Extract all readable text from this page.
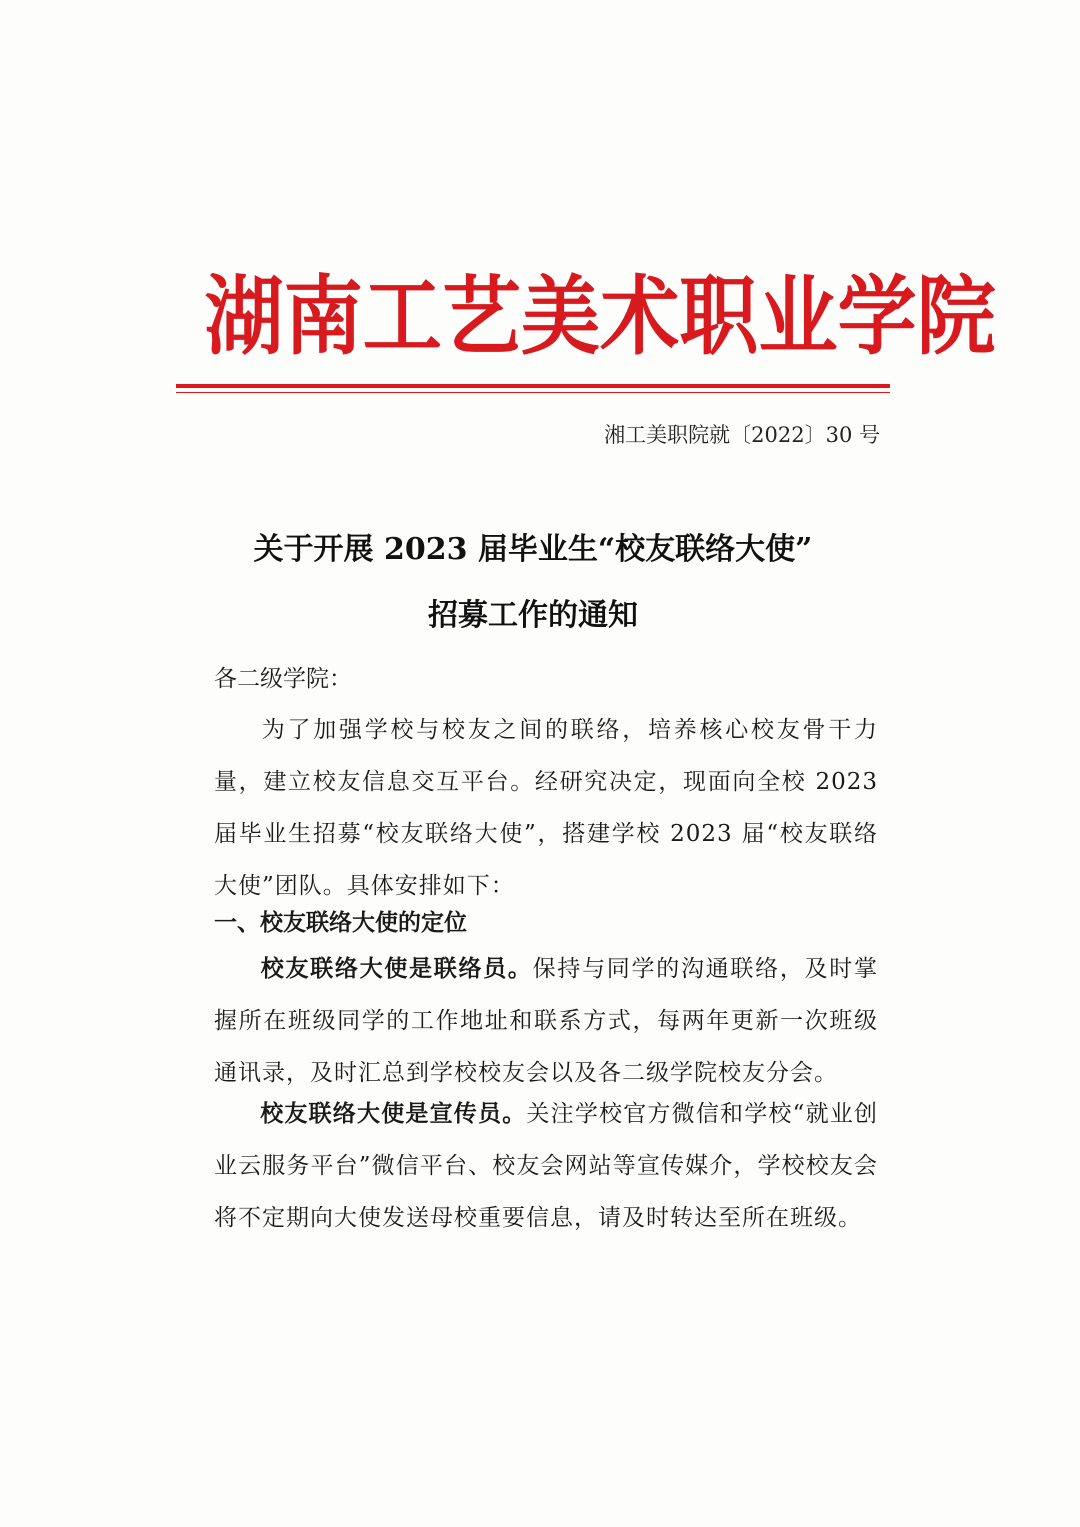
湖南工艺美术职业学院
湘工美职院就〔2022〕30 号
关于开展 2023 届毕业生“校友联络大使”
招募工作的通知
各二级学院：
为了加强学校与校友之间的联络，培养核心校友骨干力量，建立校友信息交互平台。经研究决定，现面向全校 2023 届毕业生招募“校友联络大使”，搭建学校 2023 届“校友联络大使”团队。具体安排如下：
一、校友联络大使的定位
校友联络大使是联络员。保持与同学的沟通联络，及时掌握所在班级同学的工作地址和联系方式，每两年更新一次班级通讯录，及时汇总到学校校友会以及各二级学院校友分会。
校友联络大使是宣传员。关注学校官方微信和学校“就业创业云服务平台”微信平台、校友会网站等宣传媒介，学校校友会将不定期向大使发送母校重要信息，请及时转达至所在班级。
